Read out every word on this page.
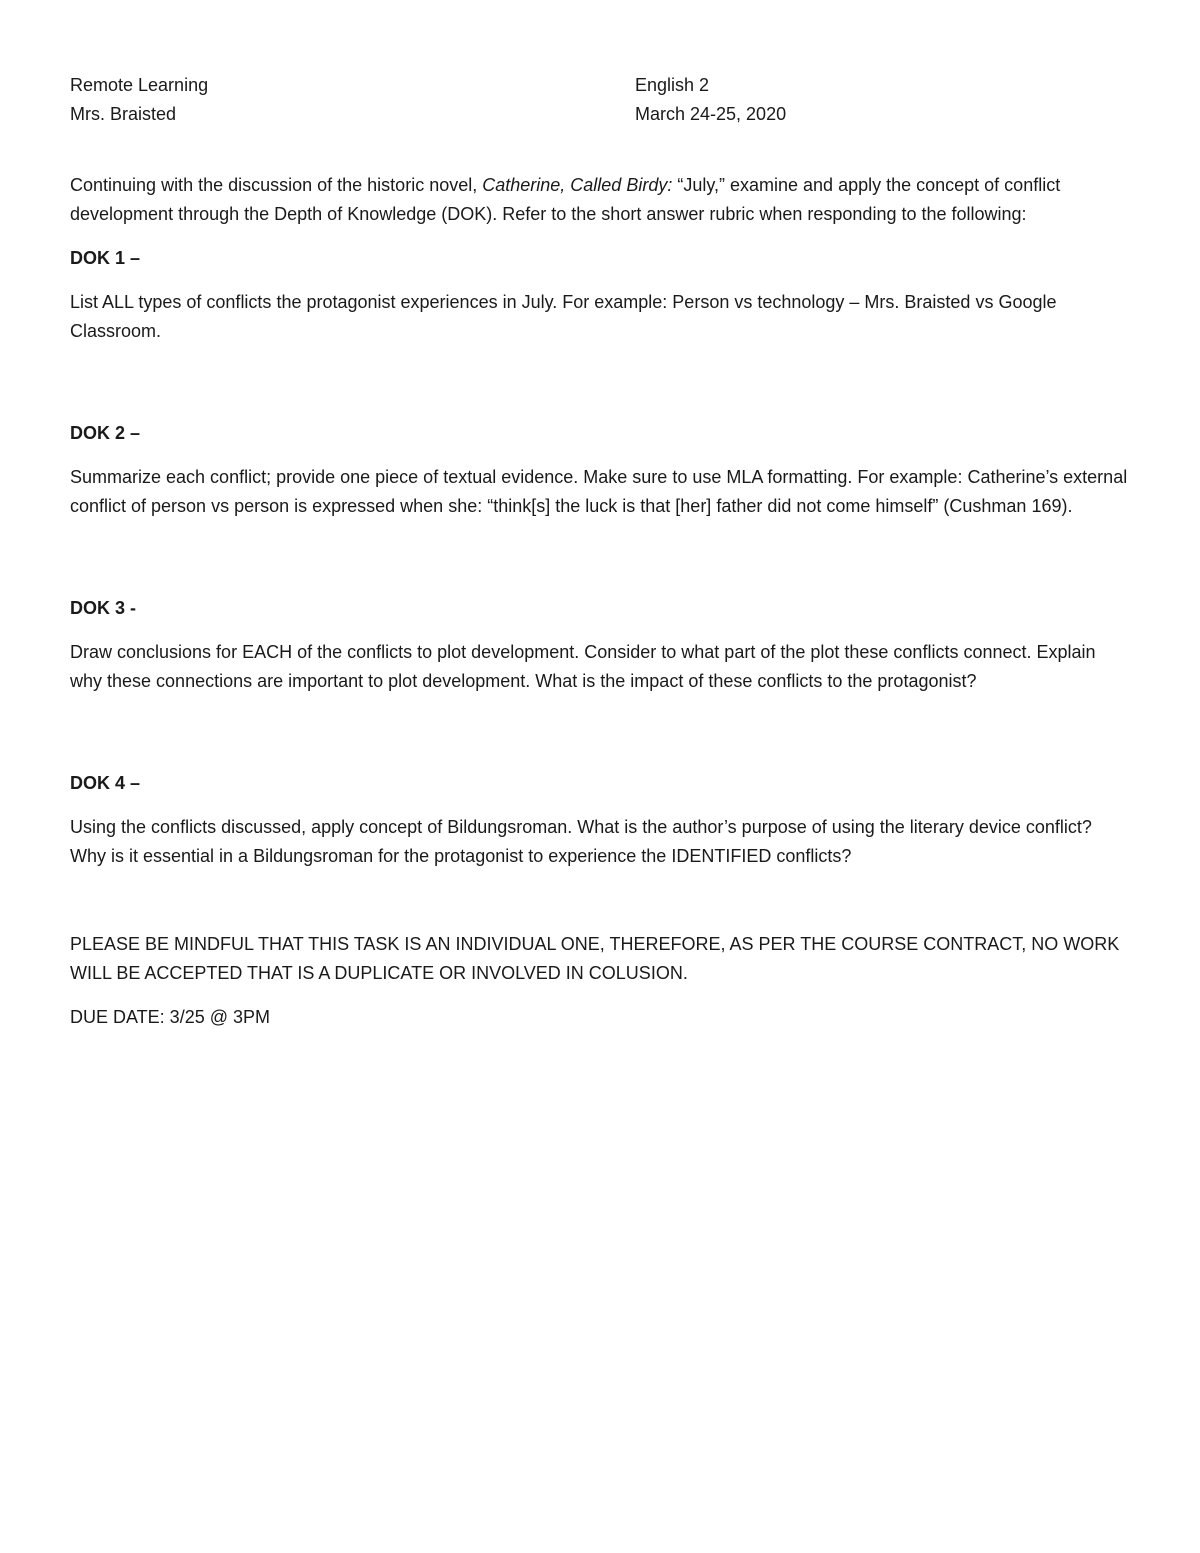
Remote Learning	English 2
Mrs. Braisted	March 24-25, 2020

Continuing with the discussion of the historic novel, Catherine, Called Birdy: “July,” examine and apply the concept of conflict development through the Depth of Knowledge (DOK). Refer to the short answer rubric when responding to the following:

DOK 1 –

List ALL types of conflicts the protagonist experiences in July. For example: Person vs technology – Mrs. Braisted vs Google Classroom.

DOK 2 –

Summarize each conflict; provide one piece of textual evidence. Make sure to use MLA formatting. For example: Catherine’s external conflict of person vs person is expressed when she: “think[s] the luck is that [her] father did not come himself” (Cushman 169).

DOK 3 -

Draw conclusions for EACH of the conflicts to plot development. Consider to what part of the plot these conflicts connect. Explain why these connections are important to plot development. What is the impact of these conflicts to the protagonist?

DOK 4 –

Using the conflicts discussed, apply concept of Bildungsroman. What is the author’s purpose of using the literary device conflict? Why is it essential in a Bildungsroman for the protagonist to experience the IDENTIFIED conflicts?

PLEASE BE MINDFUL THAT THIS TASK IS AN INDIVIDUAL ONE, THEREFORE, AS PER THE COURSE CONTRACT, NO WORK WILL BE ACCEPTED THAT IS A DUPLICATE OR INVOLVED IN COLUSION.

DUE DATE: 3/25 @ 3PM
